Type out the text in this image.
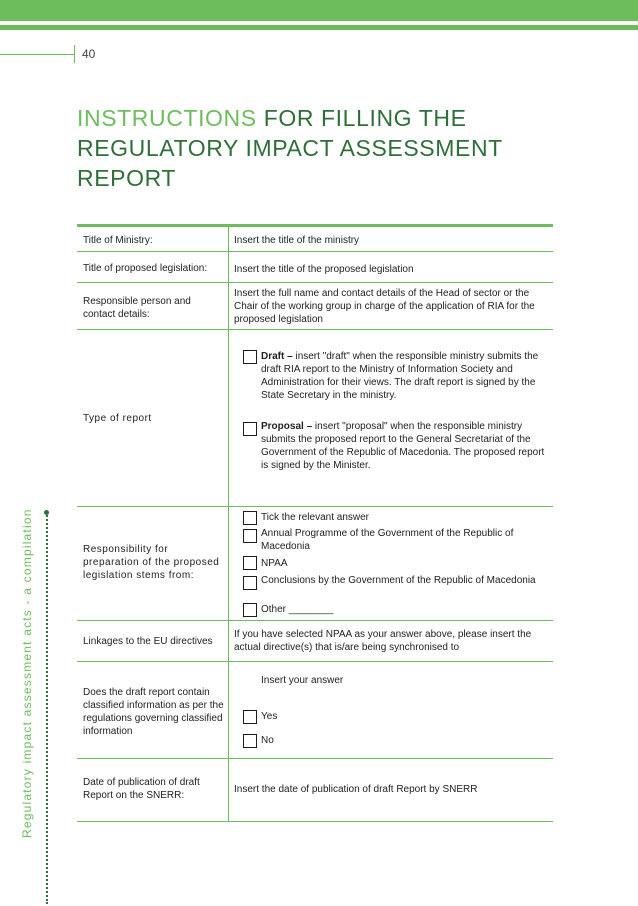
40
INSTRUCTIONS FOR FILLING THE REGULATORY IMPACT ASSESSMENT REPORT
Regulatory impact assessment acts - a compilation
Title of Ministry:	Insert the title of the ministry
Title of proposed legislation:	Insert the title of the proposed legislation
Responsible person and contact details:
Insert the full name and contact details of the Head of sector or the Chair of the working group in charge of the application of RIA for the proposed legislation
Type of report
Draft – insert "draft" when the responsible ministry submits the draft RIA report to the Ministry of Information Society and Administration for their views. The draft report is signed by the State Secretary in the ministry.
Proposal – insert "proposal" when the responsible ministry submits the proposed report to the General Secretariat of the Government of the Republic of Macedonia. The proposed report is signed by the Minister.
Responsibility for preparation of the proposed legislation stems from:
Tick the relevant answer
Annual Programme of the Government of the Republic of Macedonia
NPAA
Conclusions by the Government of the Republic of Macedonia
Other ________
Linkages to the EU directives
If you have selected NPAA as your answer above, please insert the actual directive(s) that is/are being synchronised to
Does the draft report contain classified information as per the regulations governing classified information
Insert your answer
Yes
No
Date of publication of draft Report on the SNERR:
Insert the date of publication of draft Report by SNERR
